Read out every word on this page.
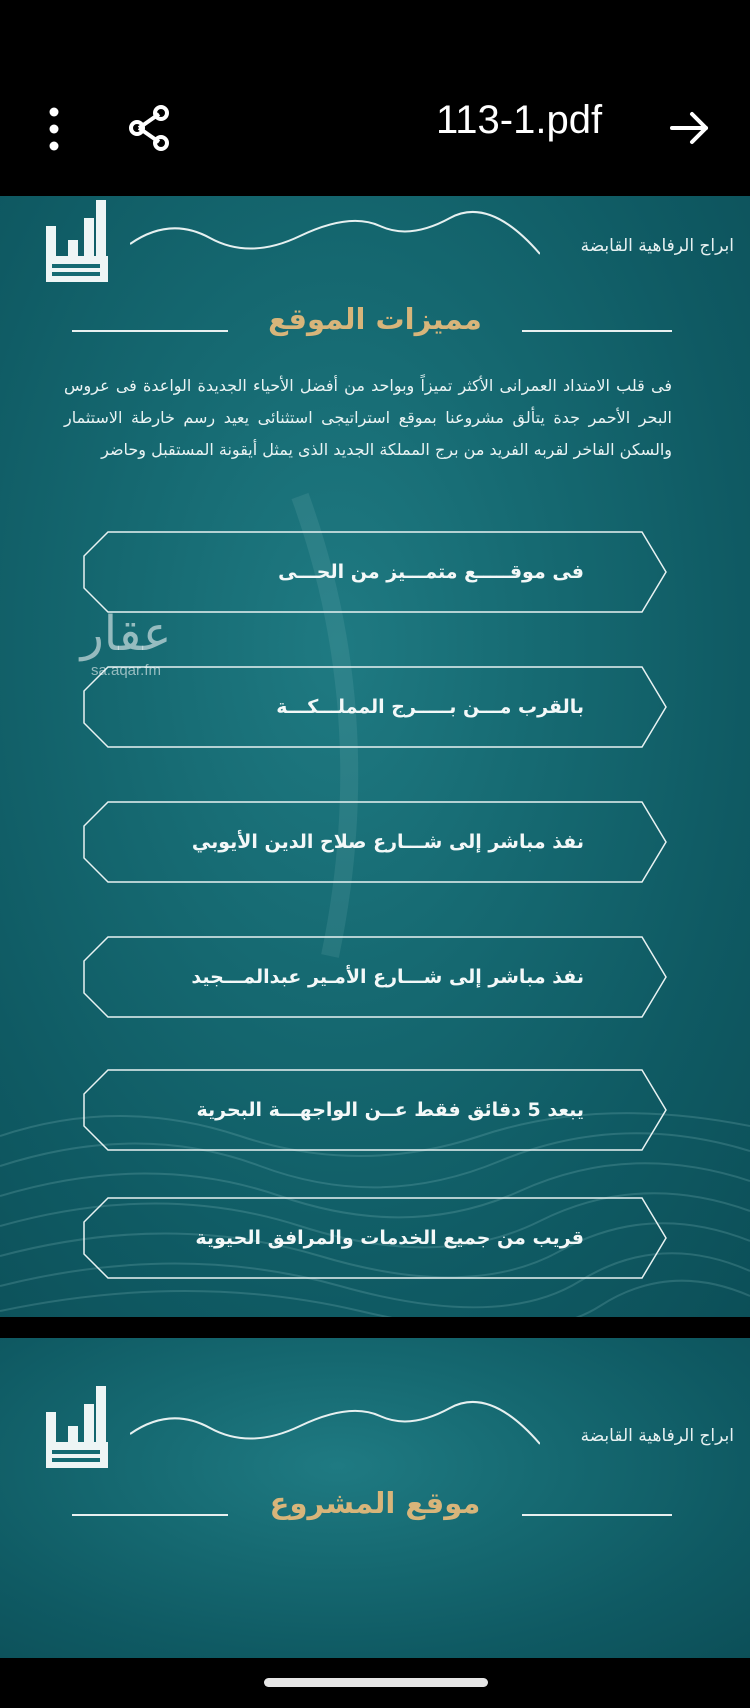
113-1.pdf
ابراج الرفاهية القابضة
مميزات الموقع

فى قلب الامتداد العمرانى الأكثر تميزاً وبواحد من أفضل الأحياء الجديدة الواعدة فى عروس البحر الأحمر جدة يتألق مشروعنا بموقع استراتيجى استثنائى يعيد رسم خارطة الاستثمار والسكن الفاخر لقربه الفريد من برج المملكة الجديد الذى يمثل أيقونة المستقبل وحاضر

فى موقـــــع متمـــيز من الحـــى
بالقرب مـــن بـــــرج المملـــكـــة
نفذ مباشر إلى شـــارع صلاح الدين الأيوبي
نفذ مباشر إلى شـــارع الأمـير عبدالمـــجيد
يبعد 5 دقائق فقط عــن الواجهـــة البحرية
قريب من جميع الخدمات والمرافق الحيوية
عقار
sa.aqar.fm
ابراج الرفاهية القابضة
موقع المشروع
